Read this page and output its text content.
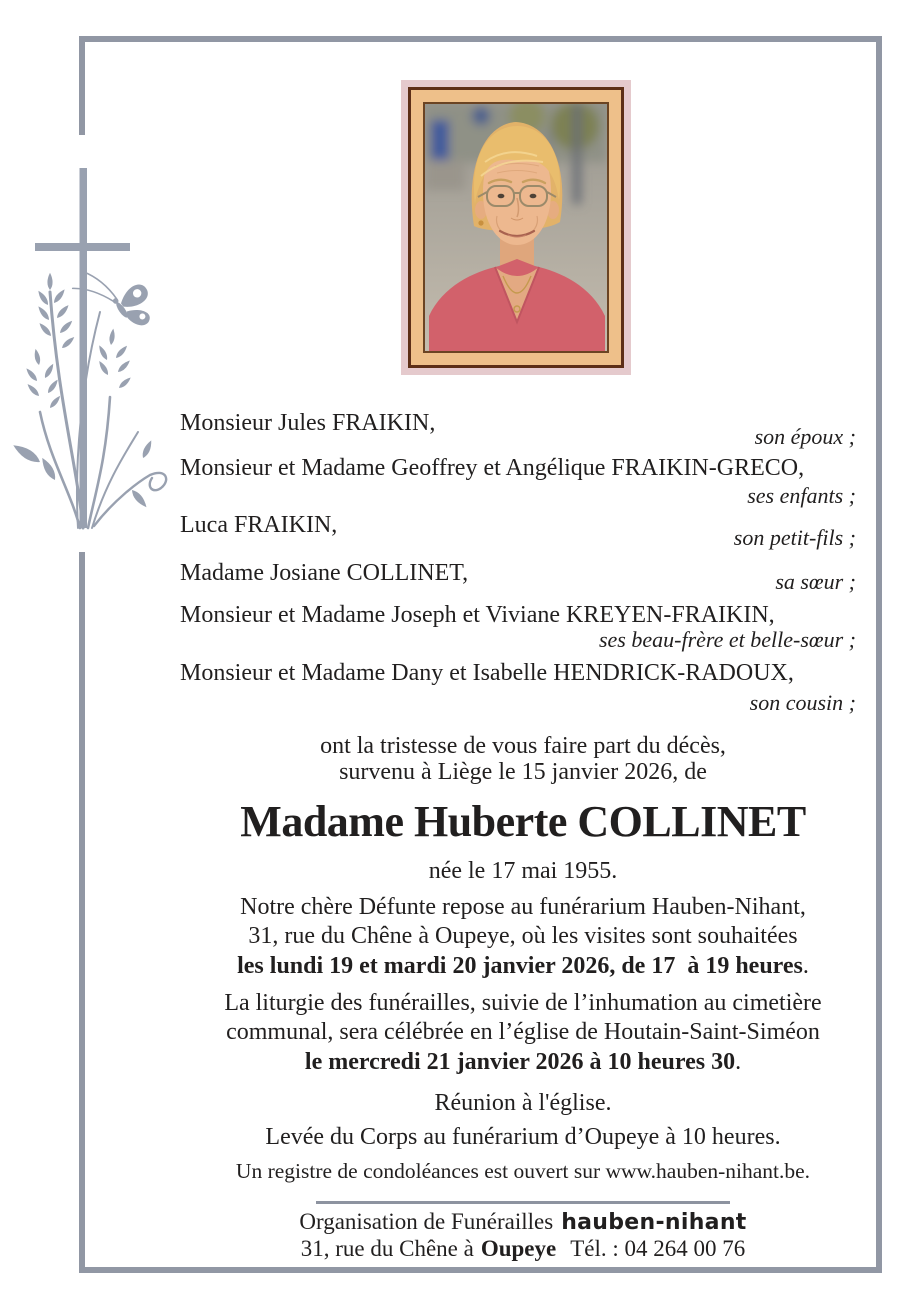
Monsieur Jules FRAIKIN,
son époux ;
Monsieur et Madame Geoffrey et Angélique FRAIKIN-GRECO,
ses enfants ;
Luca FRAIKIN,	son petit-fils ;
Madame Josiane COLLINET,	sa sœur ;
Monsieur et Madame Joseph et Viviane KREYEN-FRAIKIN,
ses beau-frère et belle-sœur ;
Monsieur et Madame Dany et Isabelle HENDRICK-RADOUX,
son cousin ;
ont la tristesse de vous faire part du décès,
survenu à Liège le 15 janvier 2026, de
Madame Huberte COLLINET
née le 17 mai 1955.
Notre chère Défunte repose au funérarium Hauben-Nihant,
31, rue du Chêne à Oupeye, où les visites sont souhaitées
les lundi 19 et mardi 20 janvier 2026, de 17  à 19 heures.
La liturgie des funérailles, suivie de l’inhumation au cimetière
communal, sera célébrée en l’église de Houtain-Saint-Siméon
le mercredi 21 janvier 2026 à 10 heures 30.
Réunion à l'église.
Levée du Corps au funérarium d’Oupeye à 10 heures.
Un registre de condoléances est ouvert sur www.hauben-nihant.be.
Organisation de Funérailles hauben-nihant
31, rue du Chêne à Oupeye Tél. : 04 264 00 76
